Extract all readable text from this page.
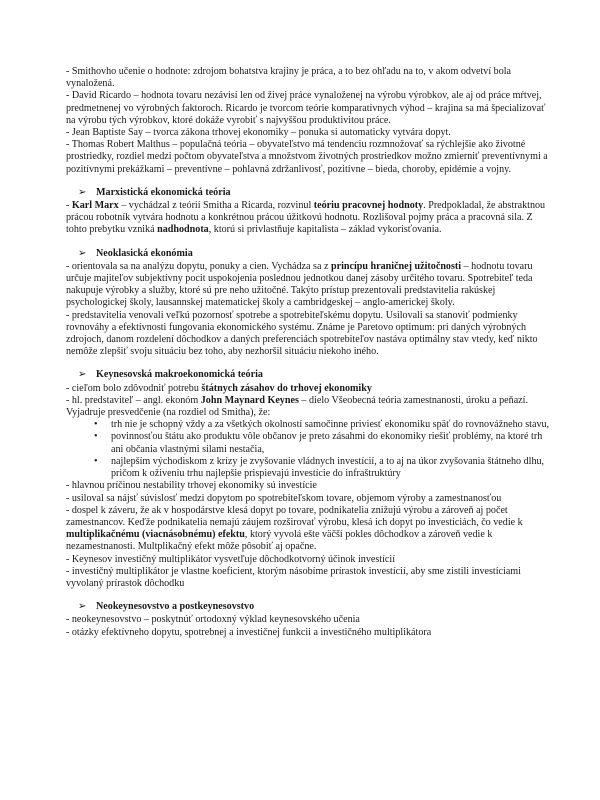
- Smithovho učenie o hodnote: zdrojom bohatstva krajiny je práca, a to bez ohľadu na to, v akom odvetví bola vynaložená.

- David Ricardo – hodnota tovaru nezávisí len od živej práce vynaloženej na výrobu výrobkov, ale aj od práce mŕtvej, predmetnenej vo výrobných faktoroch. Ricardo je tvorcom teórie komparatívnych výhod – krajina sa má špecializovať na výrobu tých výrobkov, ktoré dokáže vyrobiť s najvyššou produktivitou práce.

- Jean Baptiste Say – tvorca zákona trhovej ekonomiky – ponuka si automaticky vytvára dopyt.

- Thomas Robert Malthus – populačná teória – obyvateľstvo má tendenciu rozmnožovať sa rýchlejšie ako životné prostriedky, rozdiel medzi počtom obyvateľstva a množstvom životných prostriedkov možno zmierniť preventívnymi a pozitívnymi prekážkami – preventívne – pohlavná zdržanlivosť, pozitívne – bieda, choroby, epidémie a vojny.

➢ Marxistická ekonomická teória

- Karl Marx – vychádzal z teórií Smitha a Ricarda, rozvinul teóriu pracovnej hodnoty. Predpokladal, že abstraktnou prácou robotník vytvára hodnotu a konkrétnou prácou úžitkovú hodnotu. Rozlišoval pojmy práca a pracovná sila. Z tohto prebytku vzniká nadhodnota, ktorú si privlastňuje kapitalista – základ vykorisťovania.

➢ Neoklasická ekonómia

- orientovala sa na analýzu dopytu, ponuky a cien. Vychádza sa z princípu hraničnej užitočnosti – hodnotu tovaru určuje majiteľov subjektívny pocit uspokojenia poslednou jednotkou danej zásoby určitého tovaru. Spotrebiteľ teda nakupuje výrobky a služby, ktoré sú pre neho užitočné. Takýto prístup prezentovali predstavitelia rakúskej psychologickej školy, lausannskej matematickej školy a cambridgeskej – anglo-americkej školy.

- predstavitelia venovali veľkú pozornosť spotrebe a spotrebiteľskému dopytu. Usilovali sa stanoviť podmienky rovnováhy a efektívnosti fungovania ekonomického systému. Známe je Paretovo optimum: pri daných výrobných zdrojoch, danom rozdelení dôchodkov a daných preferenciách spotrebiteľov nastáva optimálny stav vtedy, keď nikto nemôže zlepšiť svoju situáciu bez toho, aby nezhoršil situáciu niekoho iného.

➢ Keynesovská makroekonomická teória

- cieľom bolo zdôvodniť potrebu štátnych zásahov do trhovej ekonomiky

- hl. predstaviteľ – angl. ekonóm John Maynard Keynes – dielo Všeobecná teória zamestnanosti, úroku a peňazí. Vyjadruje presvedčenie (na rozdiel od Smitha), že:

• trh nie je schopný vždy a za všetkých okolností samočinne priviesť ekonomiku späť do rovnovážneho stavu,
• povinnosťou štátu ako produktu vôle občanov je preto zásahmi do ekonomiky riešiť problémy, na ktoré trh ani občania vlastnými silami nestačia,
• najlepším východiskom z krízy je zvyšovanie vládnych investícií, a to aj na úkor zvyšovania štátneho dlhu, pričom k oživeniu trhu najlepšie prispievajú investície do infraštruktúry

- hlavnou príčinou nestability trhovej ekonomiky sú investície

- usiloval sa nájsť súvislosť medzi dopytom po spotrebiteľskom tovare, objemom výroby a zamestnanosťou

- dospel k záveru, že ak v hospodárstve klesá dopyt po tovare, podnikatelia znižujú výrobu a zároveň aj počet zamestnancov. Keďže podnikatelia nemajú záujem rozširovať výrobu, klesá ich dopyt po investíciách, čo vedie k multiplikačnému (viacnásobnému) efektu, ktorý vyvolá ešte väčší pokles dôchodkov a zároveň vedie k nezamestnanosti. Multplikačný efekt môže pôsobiť aj opačne.

- Keynesov investičný multiplikátor vysvetľuje dôchodkotvorný účinok investícií

- investičný multiplikátor je vlastne koeficient, ktorým násobíme prírastok investícií, aby sme zistili investíciami vyvolaný prírastok dôchodku

➢ Neokeynesovstvo a postkeynesovstvo

- neokeynesovstvo – poskytnúť ortodoxný výklad keynesovského učenia

- otázky efektívneho dopytu, spotrebnej a investičnej funkcii a investičného multiplikátora
